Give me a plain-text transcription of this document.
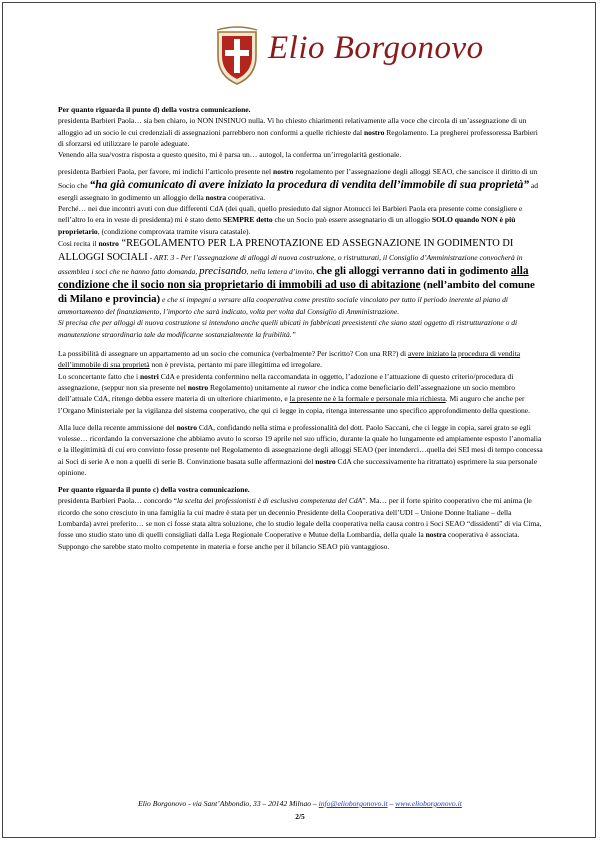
Elio Borgonovo

Per quanto riguarda il punto d) della vostra comunicazione.
presidenta Barbieri Paola… sia ben chiaro, io NON INSINUO nulla. Vi ho chiesto chiarimenti relativamente alla voce che circola di un’assegnazione di un alloggio ad un socio le cui credenziali di assegnazioni parrebbero non conformi a quelle richieste dal nostro Regolamento. La pregherei professoressa Barbieri di sforzarsi ed utilizzare le parole adeguate.
Venendo alla sua/vostra risposta a questo quesito, mi è parsa un… autogol, la conferma un’irregolarità gestionale.

presidenta Barbieri Paola, per favore, mi indichi l’articolo presente nel nostro regolamento per l’assegnazione degli alloggi SEAO, che sancisce il diritto di un Socio che “ha già comunicato di avere iniziato la procedura di vendita dell’immobile di sua proprietà” ad esergli assegnato in godimento un alloggio della nostra cooperativa.
Perché… nei due incontri avuti con due differenti CdA (dei quali, quello presieduto dal signor Atonucci lei Barbieri Paola era presente come consigliere e nell’altro lo era in veste di presidenta) mi è stato detto SEMPRE detto che un Socio può essere assegnatario di un alloggio SOLO quando NON è più proprietario, (condizione comprovata tramite visura catastale).
Così recita il nostro “REGOLAMENTO PER LA PRENOTAZIONE ED ASSEGNAZIONE IN GODIMENTO DI ALLOGGI SOCIALI - ART. 3 - Per l’assegnazione di alloggi di nuova costruzione, o ristrutturati, il Consiglio d’Amministrazione convocherà in assemblea i soci che ne hanno fatto domanda, precisando, nella lettera d’invito, che gli alloggi verranno dati in godimento alla condizione che il socio non sia proprietario di immobili ad uso di abitazione (nell’ambito del comune di Milano e provincia) e che si impegni a versare alla cooperativa come prestito sociale vincolato per tutto il periodo inerente al piano di ammortamento del finanziamento, l’importo che sarà indicato, volta per volta dal Consiglio di Amministrazione.
Si precisa che per alloggi di nuova costruzione si intendono anche quelli ubicati in fabbricati preesistenti che siano stati oggetto di ristrutturazione o di manutenzione straordinaria tale da modificarne sostanzialmente la fruibilità.”

La possibilità di assegnare un appartamento ad un socio che comunica (verbalmente? Per iscritto? Con una RR?) di avere iniziato la procedura di vendita dell’immobile di sua proprietà non è prevista, pertanto mi pare illegittima ed irregolare.
Lo sconcertante fatto che i nostri CdA e presidenta confermino nella raccomandata in oggetto, l’adozione e l’attuazione di questo criterio/procedura di assegnazione, (seppur non sia presente nel nostro Regolamento) unitamente al rumor che indica come beneficiario dell’assegnazione un socio membro dell’attuale CdA, ritengo debba essere materia di un ulteriore chiarimento, e la presente ne è la formale e personale mia richiesta. Mi auguro che anche per l’Organo Ministeriale per la vigilanza del sistema cooperativo, che qui ci legge in copia, ritenga interessante uno specifico approfondimento della questione.

Alla luce della recente ammissione del nostro CdA, confidando nella stima e professionalità del dott. Paolo Saccani, che ci legge in copia, sarei grato se egli volesse… ricordando la conversazione che abbiamo avuto lo scorso 19 aprile nel suo ufficio, durante la quale ho lungamente ed ampiamente esposto l’anomalia e la illegittimità di cui ero convinto fosse presente nel Regolamento di assegnazione degli alloggi SEAO (per intenderci…quella dei SEI mesi di tempo concessa ai Soci di serie A e non a quelli di serie B. Convinzione basata sulle affermazioni del nostro CdA che successivamente ha ritrattato) esprimere la sua personale opinione.

Per quanto riguarda il punto c) della vostra comunicazione.
presidenta Barbieri Paola… concordo “la scelta dei professionisti è di esclusiva competenza del CdA”. Ma… per il forte spirito cooperativo che mi anima (le ricordo che sono cresciuto in una famiglia la cui madre è stata per un decennio Presidente della Cooperativa dell’UDI – Unione Donne Italiane – della Lombarda) avrei preferito… se non ci fosse stata altra soluzione, che lo studio legale della cooperativa nella causa contro i Soci SEAO “dissidenti” di via Cima, fosse uno studio stato uno di quelli consigliati dalla Lega Regionale Cooperative e Mutue della Lombardia, della quale la nostra cooperativa è associata.
Suppongo che sarebbe stato molto competente in materia e forse anche per il bilancio SEAO più vantaggioso.

Elio Borgonovo - via Sant’Abbondio, 33 – 20142 Milnao – info@elioborgonovo.it – www.elioborgonovo.it
2/5
